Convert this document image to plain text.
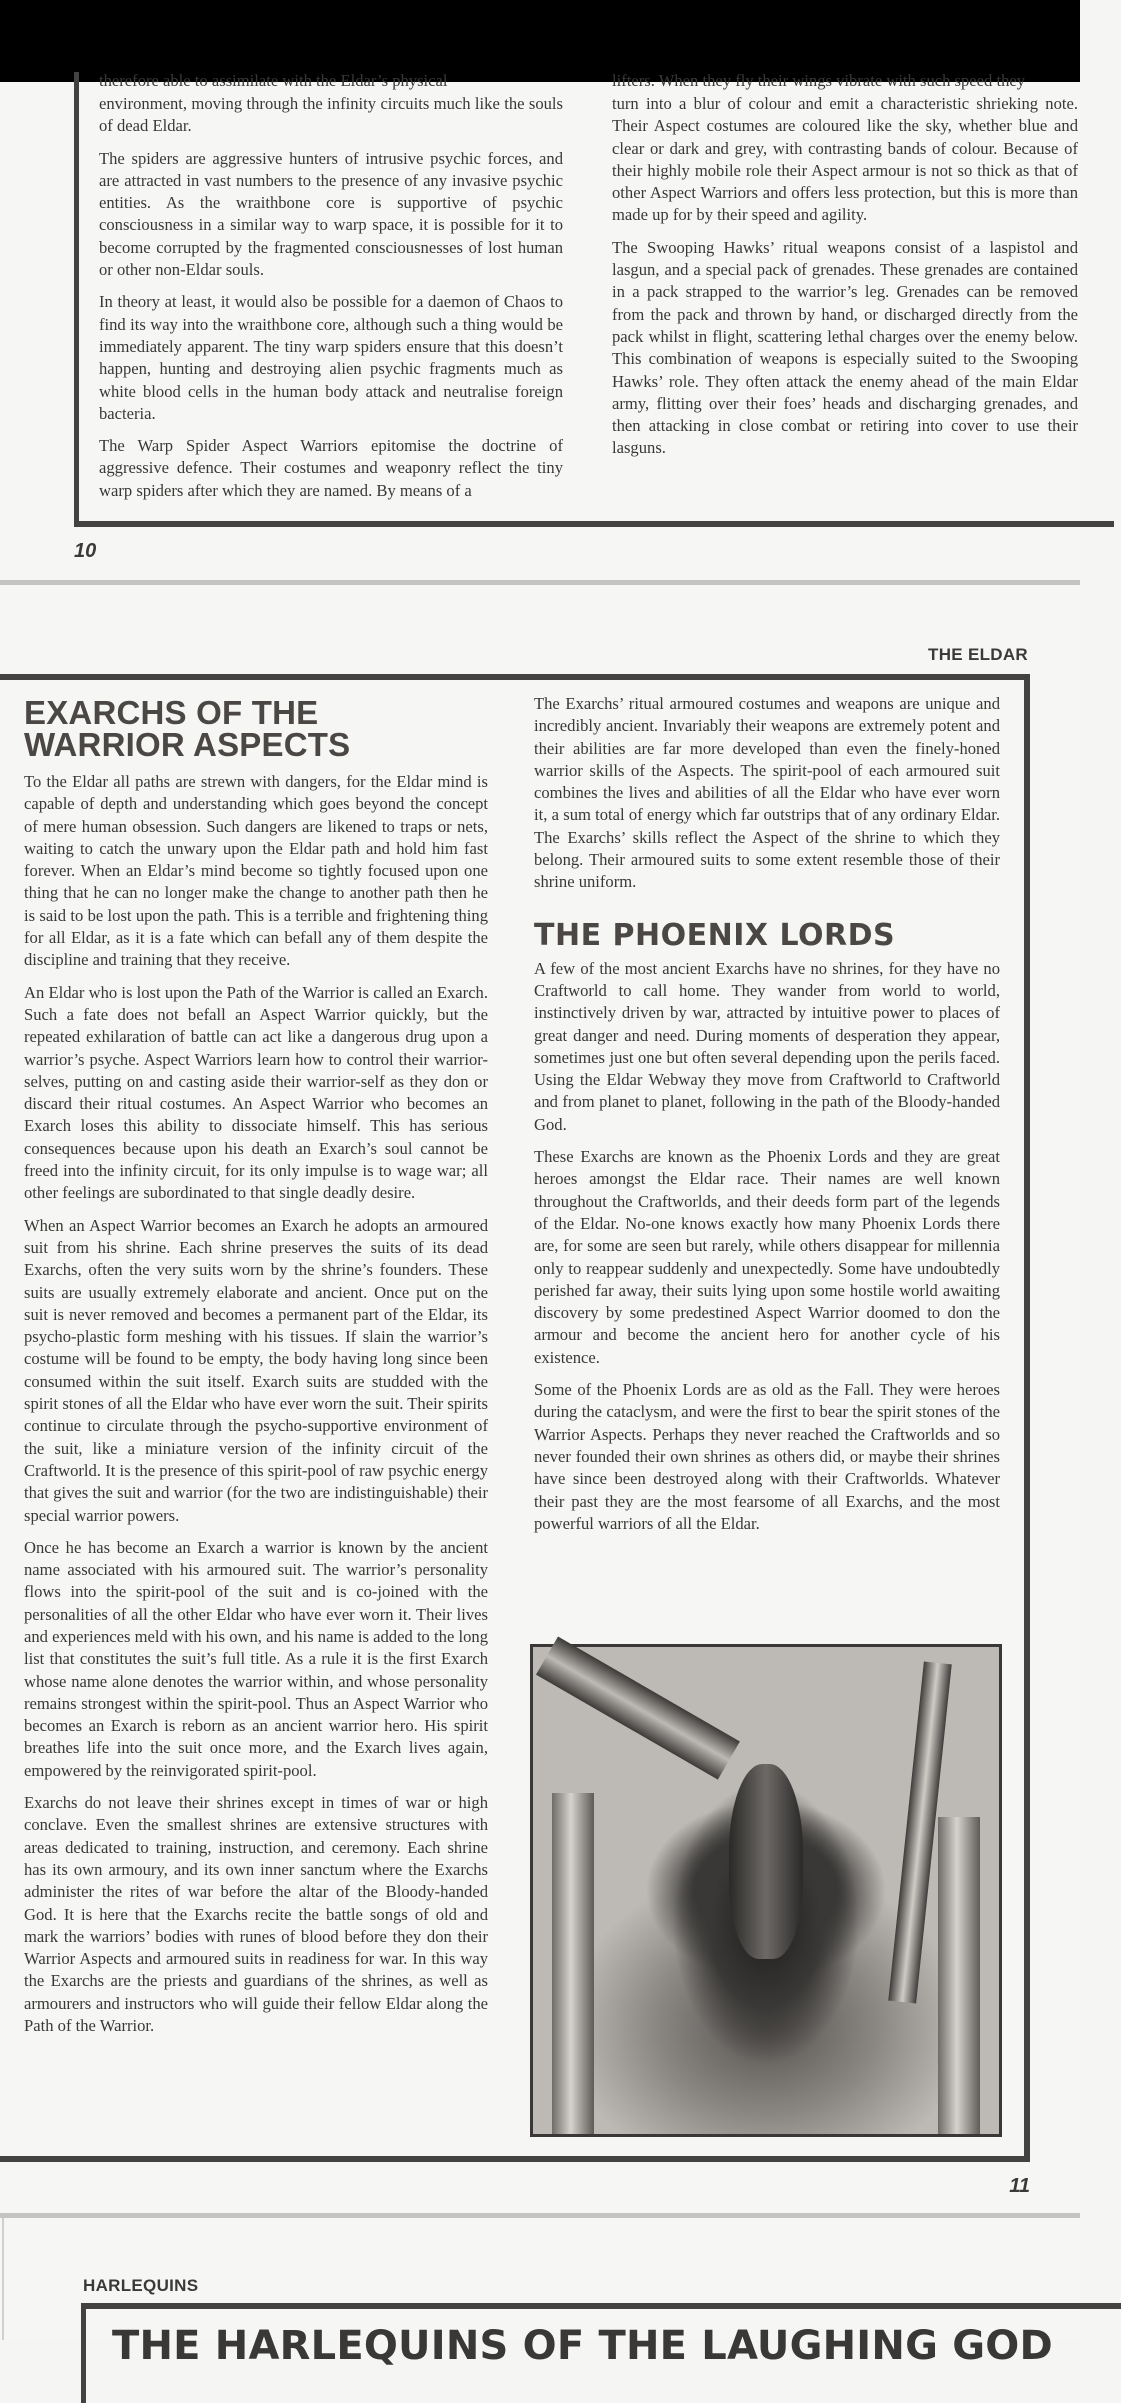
therefore able to assimilate with the Eldar’s physical

environment, moving through the infinity circuits much like the souls of dead Eldar.

The spiders are aggressive hunters of intrusive psychic forces, and are attracted in vast numbers to the presence of any invasive psychic entities. As the wraithbone core is supportive of psychic consciousness in a similar way to warp space, it is possible for it to become corrupted by the fragmented consciousnesses of lost human or other non-Eldar souls.

In theory at least, it would also be possible for a daemon of Chaos to find its way into the wraithbone core, although such a thing would be immediately apparent. The tiny warp spiders ensure that this doesn’t happen, hunting and destroying alien psychic fragments much as white blood cells in the human body attack and neutralise foreign bacteria.

The Warp Spider Aspect Warriors epitomise the doctrine of aggressive defence. Their costumes and weaponry reflect the tiny warp spiders after which they are named. By means of a

lifters. When they fly their wings vibrate with such speed they

turn into a blur of colour and emit a characteristic shrieking note. Their Aspect costumes are coloured like the sky, whether blue and clear or dark and grey, with contrasting bands of colour. Because of their highly mobile role their Aspect armour is not so thick as that of other Aspect Warriors and offers less protection, but this is more than made up for by their speed and agility.

The Swooping Hawks’ ritual weapons consist of a laspistol and lasgun, and a special pack of grenades. These grenades are contained in a pack strapped to the warrior’s leg. Grenades can be removed from the pack and thrown by hand, or discharged directly from the pack whilst in flight, scattering lethal charges over the enemy below. This combination of weapons is especially suited to the Swooping Hawks’ role. They often attack the enemy ahead of the main Eldar army, flitting over their foes’ heads and discharging grenades, and then attacking in close combat or retiring into cover to use their lasguns.

10
THE ELDAR
EXARCHS OF THE
WARRIOR ASPECTS

To the Eldar all paths are strewn with dangers, for the Eldar mind is capable of depth and understanding which goes beyond the concept of mere human obsession. Such dangers are likened to traps or nets, waiting to catch the unwary upon the Eldar path and hold him fast forever. When an Eldar’s mind become so tightly focused upon one thing that he can no longer make the change to another path then he is said to be lost upon the path. This is a terrible and frightening thing for all Eldar, as it is a fate which can befall any of them despite the discipline and training that they receive.

An Eldar who is lost upon the Path of the Warrior is called an Exarch. Such a fate does not befall an Aspect Warrior quickly, but the repeated exhilaration of battle can act like a dangerous drug upon a warrior’s psyche. Aspect Warriors learn how to control their warrior-selves, putting on and casting aside their warrior-self as they don or discard their ritual costumes. An Aspect Warrior who becomes an Exarch loses this ability to dissociate himself. This has serious consequences because upon his death an Exarch’s soul cannot be freed into the infinity circuit, for its only impulse is to wage war; all other feelings are subordinated to that single deadly desire.

When an Aspect Warrior becomes an Exarch he adopts an armoured suit from his shrine. Each shrine preserves the suits of its dead Exarchs, often the very suits worn by the shrine’s founders. These suits are usually extremely elaborate and ancient. Once put on the suit is never removed and becomes a permanent part of the Eldar, its psycho-plastic form meshing with his tissues. If slain the warrior’s costume will be found to be empty, the body having long since been consumed within the suit itself. Exarch suits are studded with the spirit stones of all the Eldar who have ever worn the suit. Their spirits continue to circulate through the psycho-supportive environment of the suit, like a miniature version of the infinity circuit of the Craftworld. It is the presence of this spirit-pool of raw psychic energy that gives the suit and warrior (for the two are indistinguishable) their special warrior powers.

Once he has become an Exarch a warrior is known by the ancient name associated with his armoured suit. The warrior’s personality flows into the spirit-pool of the suit and is co-joined with the personalities of all the other Eldar who have ever worn it. Their lives and experiences meld with his own, and his name is added to the long list that constitutes the suit’s full title. As a rule it is the first Exarch whose name alone denotes the warrior within, and whose personality remains strongest within the spirit-pool. Thus an Aspect Warrior who becomes an Exarch is reborn as an ancient warrior hero. His spirit breathes life into the suit once more, and the Exarch lives again, empowered by the reinvigorated spirit-pool.

Exarchs do not leave their shrines except in times of war or high conclave. Even the smallest shrines are extensive structures with areas dedicated to training, instruction, and ceremony. Each shrine has its own armoury, and its own inner sanctum where the Exarchs administer the rites of war before the altar of the Bloody-handed God. It is here that the Exarchs recite the battle songs of old and mark the warriors’ bodies with runes of blood before they don their Warrior Aspects and armoured suits in readiness for war. In this way the Exarchs are the priests and guardians of the shrines, as well as armourers and instructors who will guide their fellow Eldar along the Path of the Warrior.

The Exarchs’ ritual armoured costumes and weapons are unique and incredibly ancient. Invariably their weapons are extremely potent and their abilities are far more developed than even the finely-honed warrior skills of the Aspects. The spirit-pool of each armoured suit combines the lives and abilities of all the Eldar who have ever worn it, a sum total of energy which far outstrips that of any ordinary Eldar. The Exarchs’ skills reflect the Aspect of the shrine to which they belong. Their armoured suits to some extent resemble those of their shrine uniform.

THE PHOENIX LORDS

A few of the most ancient Exarchs have no shrines, for they have no Craftworld to call home. They wander from world to world, instinctively driven by war, attracted by intuitive power to places of great danger and need. During moments of desperation they appear, sometimes just one but often several depending upon the perils faced. Using the Eldar Webway they move from Craftworld to Craftworld and from planet to planet, following in the path of the Bloody-handed God.

These Exarchs are known as the Phoenix Lords and they are great heroes amongst the Eldar race. Their names are well known throughout the Craftworlds, and their deeds form part of the legends of the Eldar. No-one knows exactly how many Phoenix Lords there are, for some are seen but rarely, while others disappear for millennia only to reappear suddenly and unexpectedly. Some have undoubtedly perished far away, their suits lying upon some hostile world awaiting discovery by some predestined Aspect Warrior doomed to don the armour and become the ancient hero for another cycle of his existence.

Some of the Phoenix Lords are as old as the Fall. They were heroes during the cataclysm, and were the first to bear the spirit stones of the Warrior Aspects. Perhaps they never reached the Craftworlds and so never founded their own shrines as others did, or maybe their shrines have since been destroyed along with their Craftworlds. Whatever their past they are the most fearsome of all Exarchs, and the most powerful warriors of all the Eldar.

11
HARLEQUINS
THE HARLEQUINS OF THE LAUGHING GOD
